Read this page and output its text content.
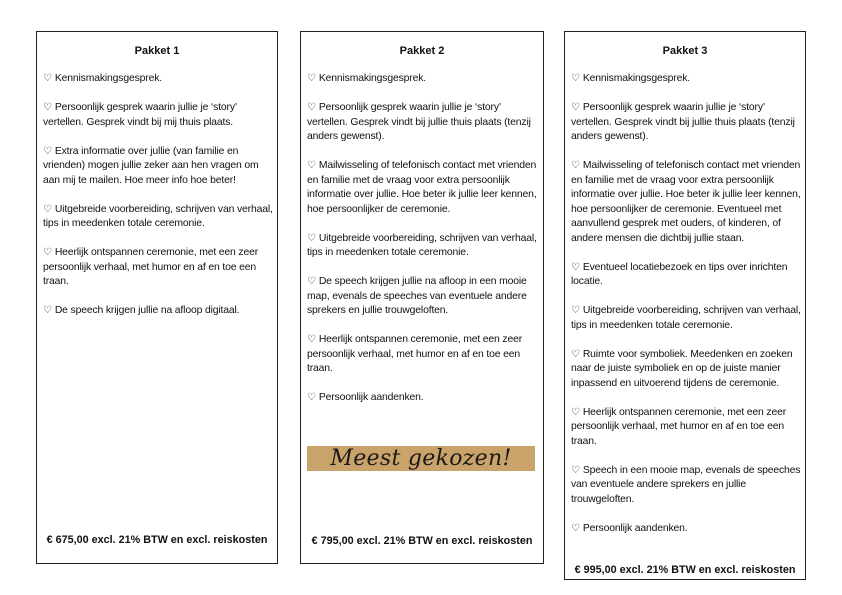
Pakket 1

♡ Kennismakingsgesprek.

♡ Persoonlijk gesprek waarin jullie je ‘story’ vertellen. Gesprek vindt bij mij thuis plaats.

♡ Extra informatie over jullie (van familie en vrienden) mogen jullie zeker aan hen vragen om aan mij te mailen. Hoe meer info hoe beter!

♡ Uitgebreide voorbereiding, schrijven van verhaal, tips in meedenken totale ceremonie.

♡ Heerlijk ontspannen ceremonie, met een zeer persoonlijk verhaal, met humor en af en toe een traan.

♡ De speech krijgen jullie na afloop digitaal.

€ 675,00 excl. 21% BTW en excl. reiskosten
Pakket 2

♡ Kennismakingsgesprek.

♡ Persoonlijk gesprek waarin jullie je ‘story’ vertellen. Gesprek vindt bij jullie thuis plaats (tenzij anders gewenst).

♡ Mailwisseling of telefonisch contact met vrienden en familie met de vraag voor extra persoonlijk informatie over jullie. Hoe beter ik jullie leer kennen, hoe persoonlijker de ceremonie.

♡ Uitgebreide voorbereiding, schrijven van verhaal, tips in meedenken totale ceremonie.

♡ De speech krijgen jullie na afloop in een mooie map, evenals de speeches van eventuele andere sprekers en jullie trouwgeloften.

♡ Heerlijk ontspannen ceremonie, met een zeer persoonlijk verhaal, met humor en af en toe een traan.

♡ Persoonlijk aandenken.

Meest gekozen!
€ 795,00 excl. 21% BTW en excl. reiskosten
Pakket 3

♡ Kennismakingsgesprek.

♡ Persoonlijk gesprek waarin jullie je ‘story’ vertellen. Gesprek vindt bij jullie thuis plaats (tenzij anders gewenst).

♡ Mailwisseling of telefonisch contact met vrienden en familie met de vraag voor extra persoonlijk informatie over jullie. Hoe beter ik jullie leer kennen, hoe persoonlijker de ceremonie. Eventueel met aanvullend gesprek met ouders, of kinderen, of andere mensen die dichtbij jullie staan.

♡ Eventueel locatiebezoek en tips over inrichten locatie.

♡ Uitgebreide voorbereiding, schrijven van verhaal, tips in meedenken totale ceremonie.

♡ Ruimte voor symboliek. Meedenken en zoeken naar de juiste symboliek en op de juiste manier inpassend en uitvoerend tijdens de ceremonie.

♡ Heerlijk ontspannen ceremonie, met een zeer persoonlijk verhaal, met humor en af en toe een traan.

♡ Speech in een mooie map, evenals de speeches van eventuele andere sprekers en jullie trouwgeloften.

♡ Persoonlijk aandenken.

€ 995,00 excl. 21% BTW en excl. reiskosten
